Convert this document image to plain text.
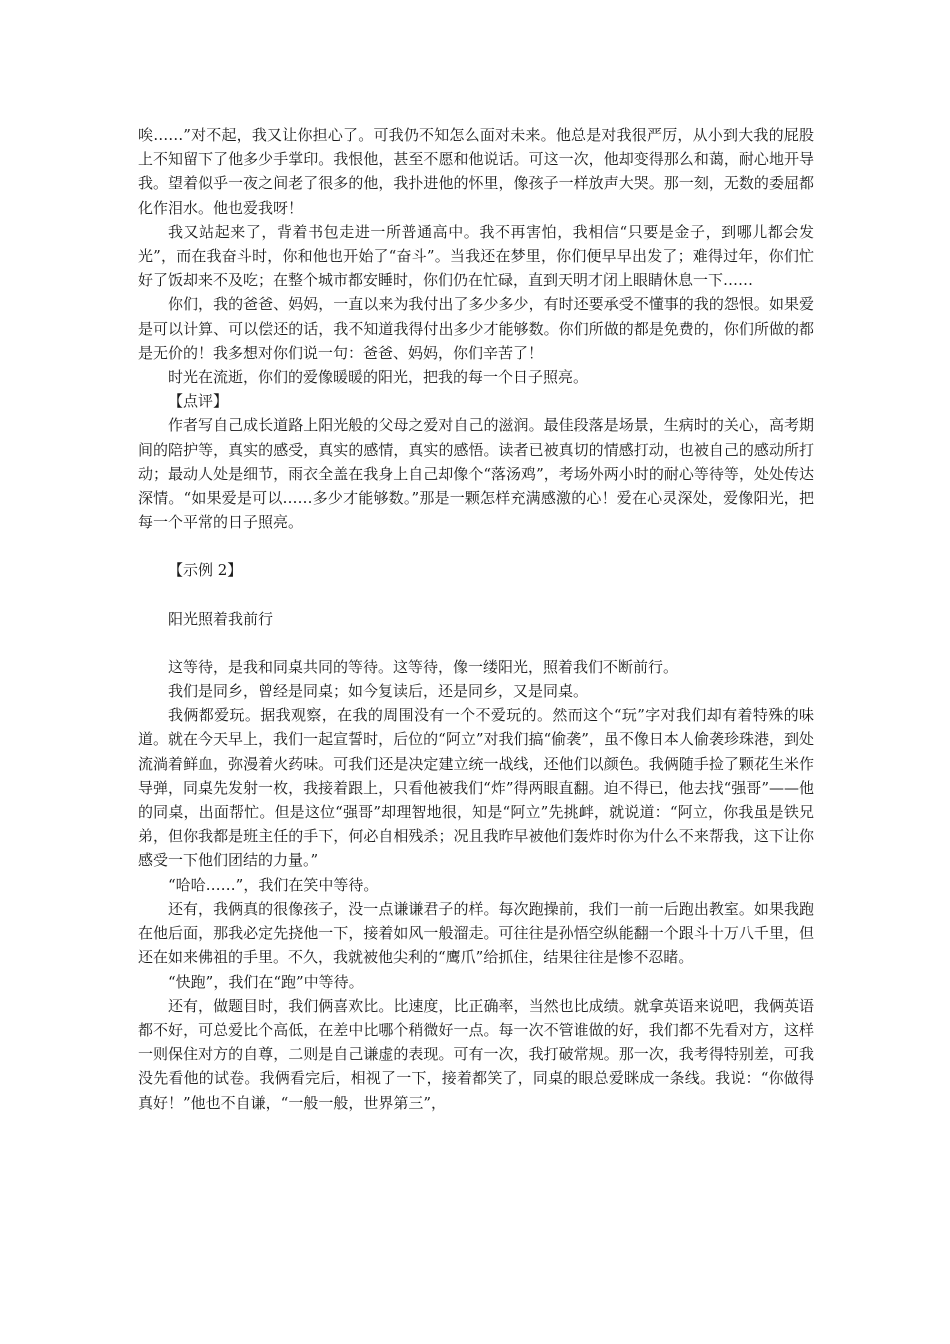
唉……”对不起，我又让你担心了。可我仍不知怎么面对未来。他总是对我很严厉，从小到大我的屁股上不知留下了他多少手掌印。我恨他，甚至不愿和他说话。可这一次，他却变得那么和蔼，耐心地开导我。望着似乎一夜之间老了很多的他，我扑进他的怀里，像孩子一样放声大哭。那一刻，无数的委屈都化作泪水。他也爱我呀！

我又站起来了，背着书包走进一所普通高中。我不再害怕，我相信“只要是金子，到哪儿都会发光”，而在我奋斗时，你和他也开始了“奋斗”。当我还在梦里，你们便早早出发了；难得过年，你们忙好了饭却来不及吃；在整个城市都安睡时，你们仍在忙碌，直到天明才闭上眼睛休息一下……

你们，我的爸爸、妈妈，一直以来为我付出了多少多少，有时还要承受不懂事的我的怨恨。如果爱是可以计算、可以偿还的话，我不知道我得付出多少才能够数。你们所做的都是免费的，你们所做的都是无价的！我多想对你们说一句：爸爸、妈妈，你们辛苦了！

时光在流逝，你们的爱像暖暖的阳光，把我的每一个日子照亮。

【点评】

作者写自己成长道路上阳光般的父母之爱对自己的滋润。最佳段落是场景，生病时的关心，高考期间的陪护等，真实的感受，真实的感情，真实的感悟。读者已被真切的情感打动，也被自己的感动所打动；最动人处是细节，雨衣全盖在我身上自己却像个“落汤鸡”，考场外两小时的耐心等待等，处处传达深情。“如果爱是可以……多少才能够数。”那是一颗怎样充满感激的心！爱在心灵深处，爱像阳光，把每一个平常的日子照亮。

【示例 2】

阳光照着我前行

这等待，是我和同桌共同的等待。这等待，像一缕阳光，照着我们不断前行。

我们是同乡，曾经是同桌；如今复读后，还是同乡，又是同桌。

我俩都爱玩。据我观察，在我的周围没有一个不爱玩的。然而这个“玩”字对我们却有着特殊的味道。就在今天早上，我们一起宣誓时，后位的“阿立”对我们搞“偷袭”，虽不像日本人偷袭珍珠港，到处流淌着鲜血，弥漫着火药味。可我们还是决定建立统一战线，还他们以颜色。我俩随手捡了颗花生米作导弹，同桌先发射一枚，我接着跟上，只看他被我们“炸”得两眼直翻。迫不得已，他去找“强哥”——他的同桌，出面帮忙。但是这位“强哥”却理智地很，知是“阿立”先挑衅，就说道：“阿立，你我虽是铁兄弟，但你我都是班主任的手下，何必自相残杀；况且我昨早被他们轰炸时你为什么不来帮我，这下让你感受一下他们团结的力量。”

“哈哈……”，我们在笑中等待。

还有，我俩真的很像孩子，没一点谦谦君子的样。每次跑操前，我们一前一后跑出教室。如果我跑在他后面，那我必定先挠他一下，接着如风一般溜走。可往往是孙悟空纵能翻一个跟斗十万八千里，但还在如来佛祖的手里。不久，我就被他尖利的“鹰爪”给抓住，结果往往是惨不忍睹。

“快跑”，我们在“跑”中等待。

还有，做题目时，我们俩喜欢比。比速度，比正确率，当然也比成绩。就拿英语来说吧，我俩英语都不好，可总爱比个高低，在差中比哪个稍微好一点。每一次不管谁做的好，我们都不先看对方，这样一则保住对方的自尊，二则是自己谦虚的表现。可有一次，我打破常规。那一次，我考得特别差，可我没先看他的试卷。我俩看完后，相视了一下，接着都笑了，同桌的眼总爱眯成一条线。我说：“你做得真好！”他也不自谦，“一般一般，世界第三”，
